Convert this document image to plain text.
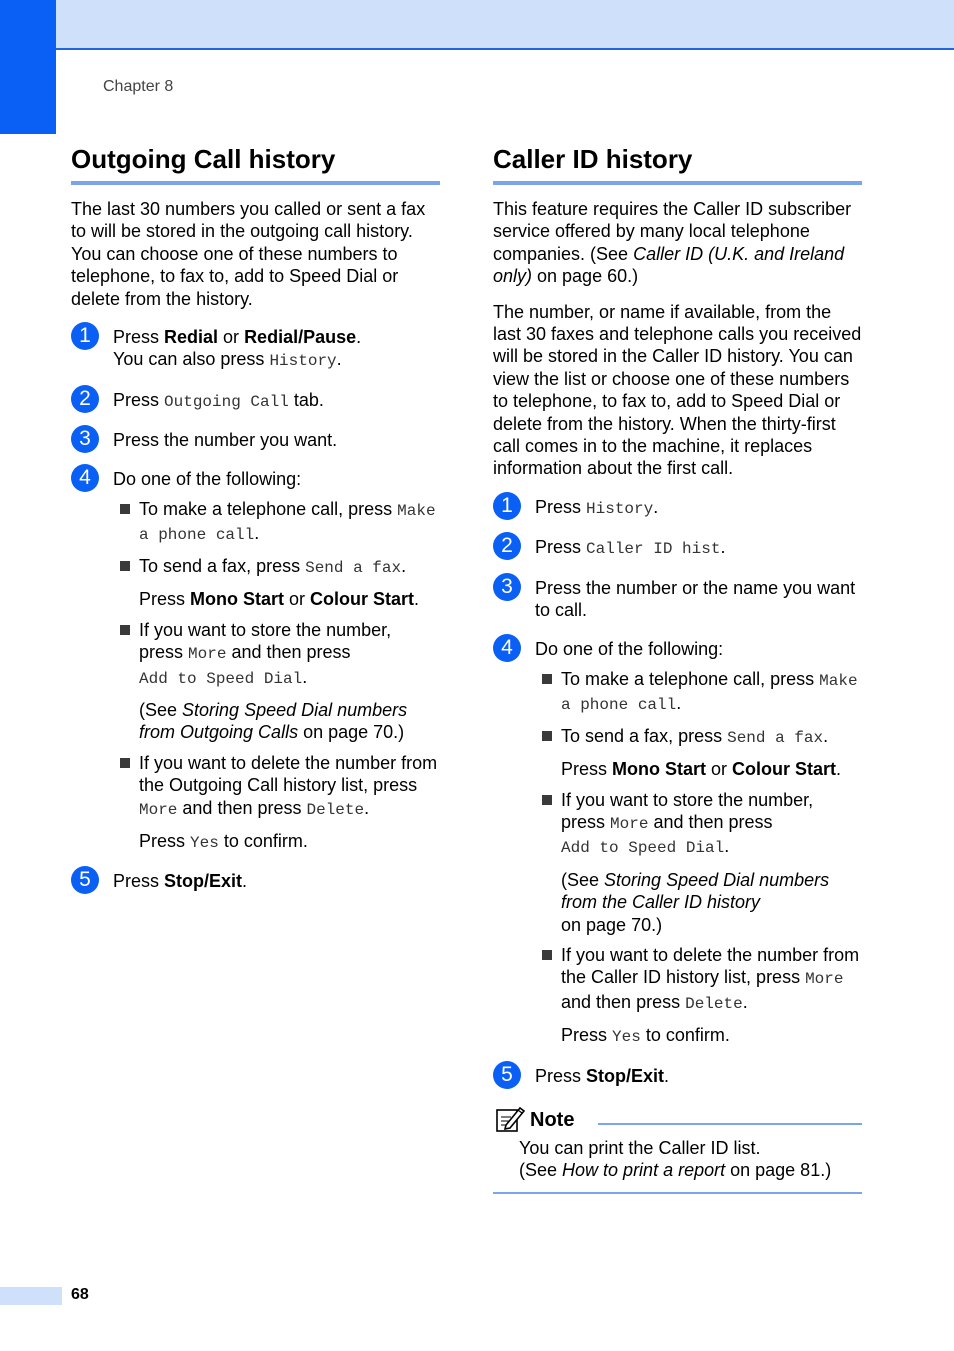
Chapter 8
Outgoing Call history

The last 30 numbers you called or sent a fax to will be stored in the outgoing call history. You can choose one of these numbers to telephone, to fax to, add to Speed Dial or delete from the history.

1	Press Redial or Redial/Pause.
You can also press History.
2	Press Outgoing Call tab.
3	Press the number you want.
4	Do one of the following:
To make a telephone call, press Make a phone call.
To send a fax, press Send a fax.
Press Mono Start or Colour Start.
If you want to store the number, press More and then press
Add to Speed Dial.
(See Storing Speed Dial numbers from Outgoing Calls on page 70.)
If you want to delete the number from the Outgoing Call history list, press
More and then press Delete.
Press Yes to confirm.
5	Press Stop/Exit.
Caller ID history

This feature requires the Caller ID subscriber service offered by many local telephone companies. (See Caller ID (U.K. and Ireland only) on page 60.)

The number, or name if available, from the last 30 faxes and telephone calls you received will be stored in the Caller ID history. You can view the list or choose one of these numbers to telephone, to fax to, add to Speed Dial or delete from the history. When the thirty-first call comes in to the machine, it replaces information about the first call.

1	Press History.
2	Press Caller ID hist.
3	Press the number or the name you want to call.
4	Do one of the following:
To make a telephone call, press Make a phone call.
To send a fax, press Send a fax.
Press Mono Start or Colour Start.
If you want to store the number, press More and then press
Add to Speed Dial.
(See Storing Speed Dial numbers from the Caller ID history
on page 70.)
If you want to delete the number from the Caller ID history list, press More
and then press Delete.
Press Yes to confirm.
5	Press Stop/Exit.
Note
You can print the Caller ID list.
(See How to print a report on page 81.)
68
